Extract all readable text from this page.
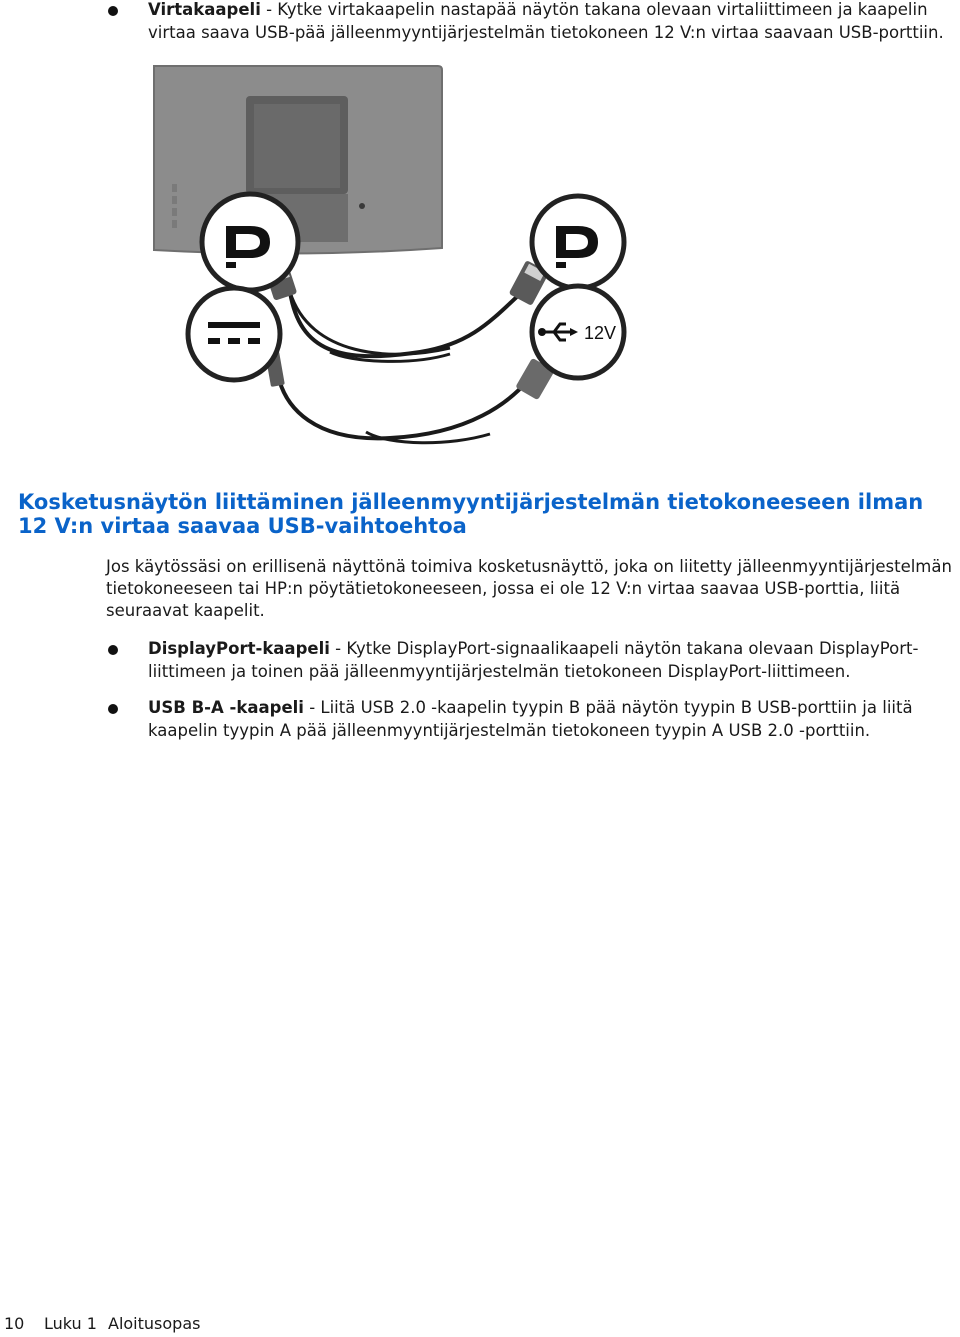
Virtakaapeli - Kytke virtakaapelin nastapää näytön takana olevaan virtaliittimeen ja kaapelin virtaa saava USB-pää jälleenmyyntijärjestelmän tietokoneen 12 V:n virtaa saavaan USB-porttiin.
12V
Kosketusnäytön liittäminen jälleenmyyntijärjestelmän tietokoneeseen ilman 12 V:n virtaa saavaa USB-vaihtoehtoa
Jos käytössäsi on erillisenä näyttönä toimiva kosketusnäyttö, joka on liitetty jälleenmyyntijärjestelmän tietokoneeseen tai HP:n pöytätietokoneeseen, jossa ei ole 12 V:n virtaa saavaa USB-porttia, liitä seuraavat kaapelit.
DisplayPort-kaapeli - Kytke DisplayPort-signaalikaapeli näytön takana olevaan DisplayPort-liittimeen ja toinen pää jälleenmyyntijärjestelmän tietokoneen DisplayPort-liittimeen.
USB B-A -kaapeli - Liitä USB 2.0 -kaapelin tyypin B pää näytön tyypin B USB-porttiin ja liitä kaapelin tyypin A pää jälleenmyyntijärjestelmän tietokoneen tyypin A USB 2.0 -porttiin.
10 Luku 1 Aloitusopas
